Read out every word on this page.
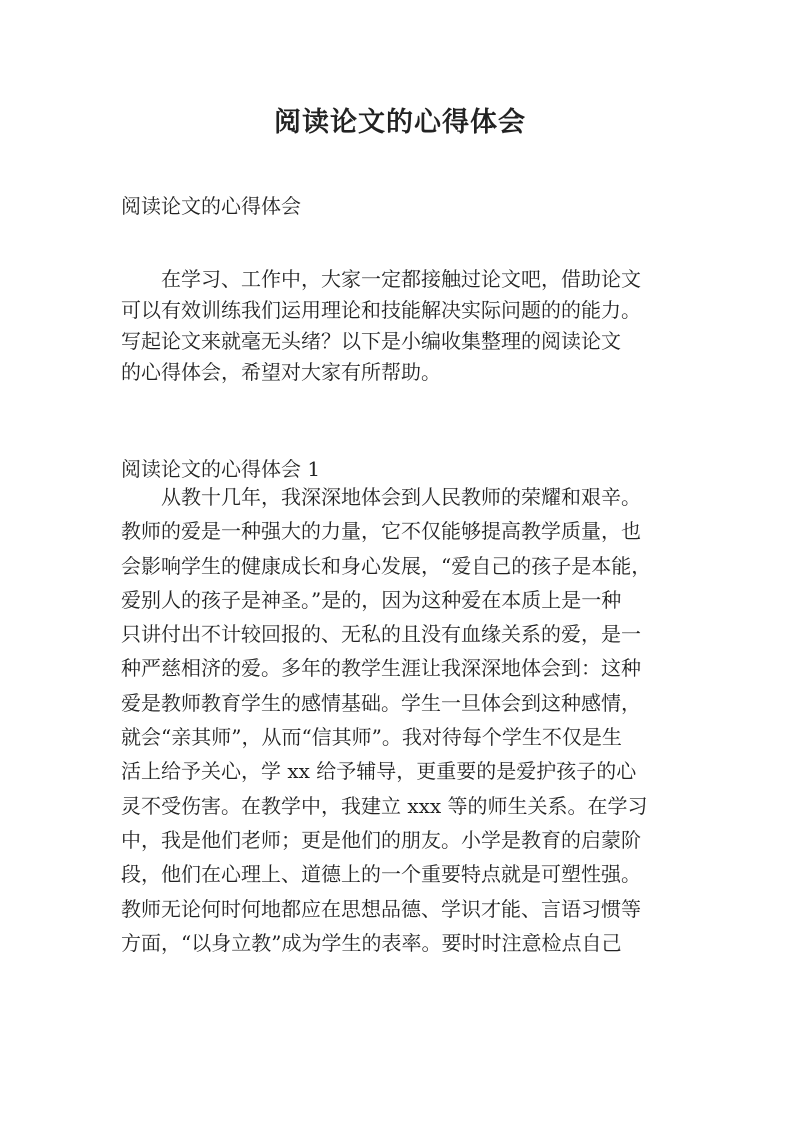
阅读论文的心得体会

阅读论文的心得体会

　　在学习、工作中，大家一定都接触过论文吧，借助论文
可以有效训练我们运用理论和技能解决实际问题的的能力。
写起论文来就毫无头绪？以下是小编收集整理的阅读论文
的心得体会，希望对大家有所帮助。

阅读论文的心得体会 1

　　从教十几年，我深深地体会到人民教师的荣耀和艰辛。
教师的爱是一种强大的力量，它不仅能够提高教学质量，也
会影响学生的健康成长和身心发展，“爱自己的孩子是本能，
爱别人的孩子是神圣。”是的，因为这种爱在本质上是一种
只讲付出不计较回报的、无私的且没有血缘关系的爱，是一
种严慈相济的爱。多年的教学生涯让我深深地体会到：这种
爱是教师教育学生的感情基础。学生一旦体会到这种感情，
就会“亲其师”，从而“信其师”。我对待每个学生不仅是生
活上给予关心，学 xx 给予辅导，更重要的是爱护孩子的心
灵不受伤害。在教学中，我建立 xxx 等的师生关系。在学习
中，我是他们老师；更是他们的朋友。小学是教育的启蒙阶
段，他们在心理上、道德上的一个重要特点就是可塑性强。
教师无论何时何地都应在思想品德、学识才能、言语习惯等
方面，“以身立教”成为学生的表率。要时时注意检点自己
